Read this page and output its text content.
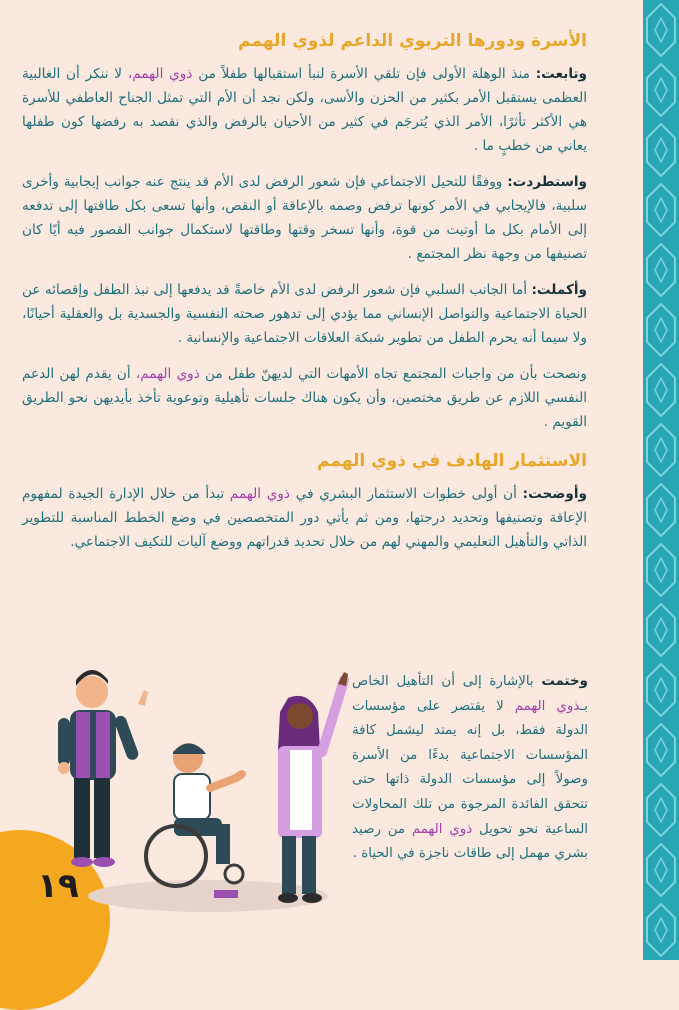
الأسرة ودورها التربوي الداعم لذوي الهمم

وتابعت: منذ الوهلة الأولى فإن تلقي الأسرة لنبأ استقبالها طفلاً من ذوي الهمم، لا ننكر أن الغالبية العظمى يستقبل الأمر بكثير من الحزن والأسى، ولكن نجد أن الأم التي تمثل الجناح العاطفي للأسرة هي الأكثر تأثرًا، الأمر الذي يُترجَم في كثير من الأحيان بالرفض والذي نقصد به رفضها كون طفلها يعاني من خطبٍ ما .

واستطردت: ووفقًا للتحيل الاجتماعي فإن شعور الرفض لدى الأم قد ينتج عنه جوانب إيجابية وأخرى سلبية، فالإيجابي في الأمر كونها ترفض وصمه بالإعاقة أو النقص، وأنها تسعى بكل طاقتها إلى تدفعه إلى الأمام بكل ما أوتيت من قوة، وأنها تسخر وقتها وطاقتها لاستكمال جوانب القصور فيه أيًا كان تصنيفها من وجهة نظر المجتمع .

وأكملت: أما الجانب السلبي فإن شعور الرفض لدى الأم خاصةً قد يدفعها إلى نبذ الطفل وإقصائه عن الحياة الاجتماعية والتواصل الإنساني مما يؤدي إلى تدهور صحته النفسية والجسدية بل والعقلية أحيانًا، ولا سيما أنه يحرم الطفل من تطوير شبكة العلاقات الاجتماعية والإنسانية .

ونصحت بأن من واجبات المجتمع تجاه الأمهات التي لديهنّ طفل من ذوي الهمم، أن يقدم لهن الدعم النفسي اللازم عن طريق مختصين، وأن يكون هناك جلسات تأهيلية وتوعوية تأخذ بأيديهن نحو الطريق القويم .

الاستثمار الهادف في ذوي الهمم

وأوضحت: أن أولى خطوات الاستثمار البشري في ذوي الهمم تبدأ من خلال الإدارة الجيدة لمفهوم الإعاقة وتصنيفها وتحديد درجتها، ومن ثم يأتي دور المتخصصين في وضع الخطط المناسبة للتطوير الذاتي والتأهيل التعليمي والمهني لهم من خلال تحديد قدراتهم ووضع آليات للتكيف الاجتماعي.

وختمت بالإشارة إلى أن التأهيل الخاص بـذوي الهمم لا يقتصر على مؤسسات الدولة فقط، بل إنه يمتد ليشمل كافة المؤسسات الاجتماعية بدءًا من الأسرة وصولاً إلى مؤسسات الدولة ذاتها حتى تتحقق الفائدة المرجوة من تلك المحاولات الساعية نحو تحويل ذوي الهمم من رصيد بشري مهمل إلى طاقات ناجزة في الحياة .

١٩
